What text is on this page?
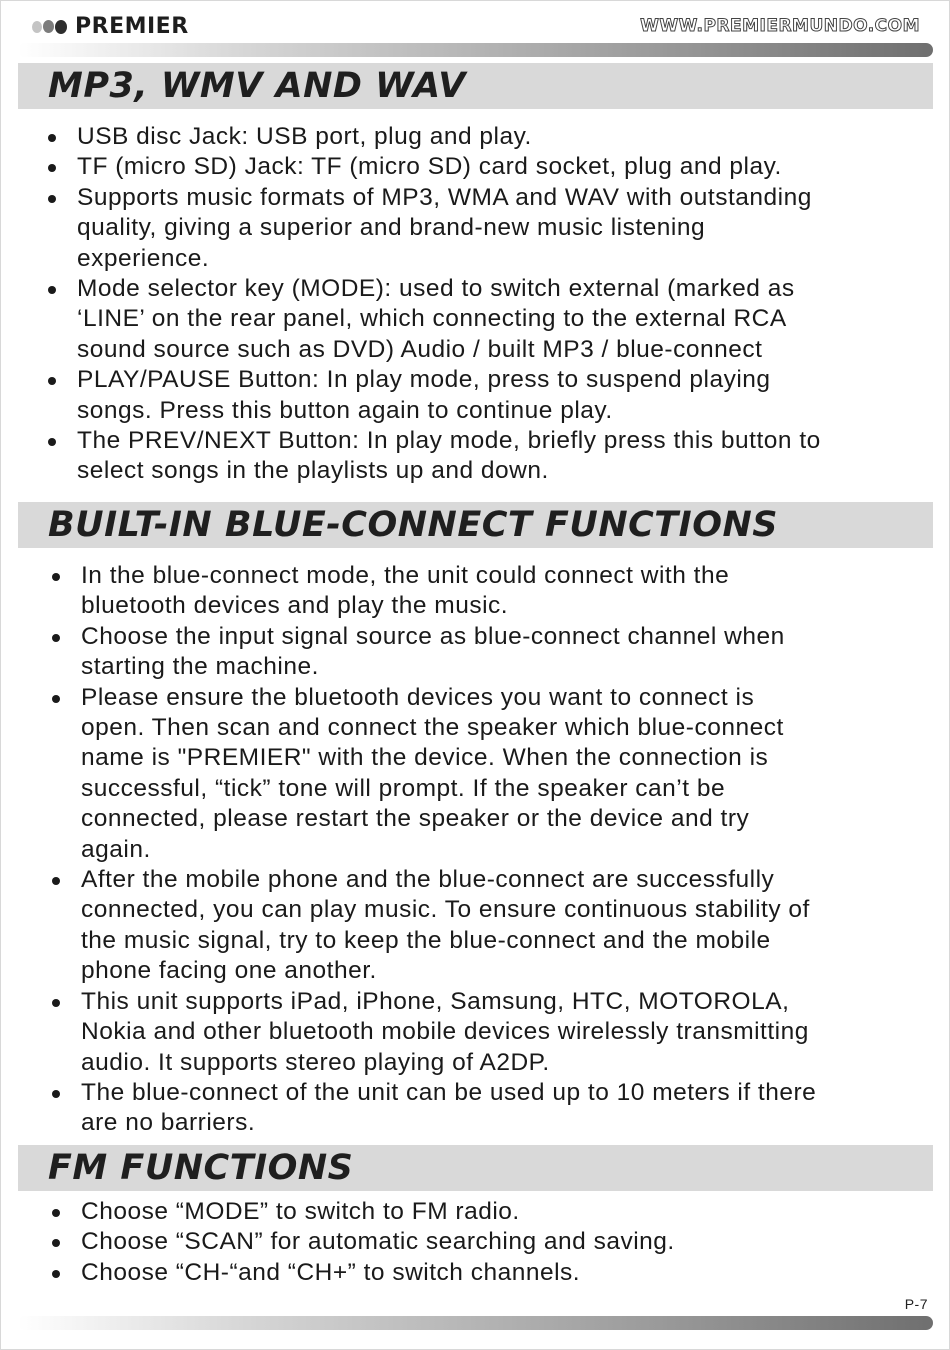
PREMIER	WWW.PREMIERMUNDO.COM
MP3, WMV AND WAV
USB disc Jack: USB port, plug and play.
TF (micro SD) Jack: TF (micro SD) card socket, plug and play.
Supports music formats of MP3, WMA and WAV with outstanding
quality, giving a superior and brand-new music listening
experience.
Mode selector key (MODE): used to switch external (marked as
‘LINE’ on the rear panel, which connecting to the external RCA
sound source such as DVD) Audio / built MP3 / blue-connect
PLAY/PAUSE Button: In play mode, press to suspend playing
songs. Press this button again to continue play.
The PREV/NEXT Button: In play mode, briefly press this button to
select songs in the playlists up and down.
BUILT-IN BLUE-CONNECT FUNCTIONS
In the blue-connect mode, the unit could connect with the
bluetooth devices and play the music.
Choose the input signal source as blue-connect channel when
starting the machine.
Please ensure the bluetooth devices you want to connect is
open. Then scan and connect the speaker which blue-connect
name is "PREMIER" with the device. When the connection is
successful, “tick” tone will prompt. If the speaker can’t be
connected, please restart the speaker or the device and try
again.
After the mobile phone and the blue-connect are successfully
connected, you can play music. To ensure continuous stability of
the music signal, try to keep the blue-connect and the mobile
phone facing one another.
This unit supports iPad, iPhone, Samsung, HTC, MOTOROLA,
Nokia and other bluetooth mobile devices wirelessly transmitting
audio. It supports stereo playing of A2DP.
The blue-connect of the unit can be used up to 10 meters if there
are no barriers.
FM FUNCTIONS
Choose “MODE” to switch to FM radio.
Choose “SCAN” for automatic searching and saving.
Choose “CH-“and “CH+” to switch channels.
P-7
